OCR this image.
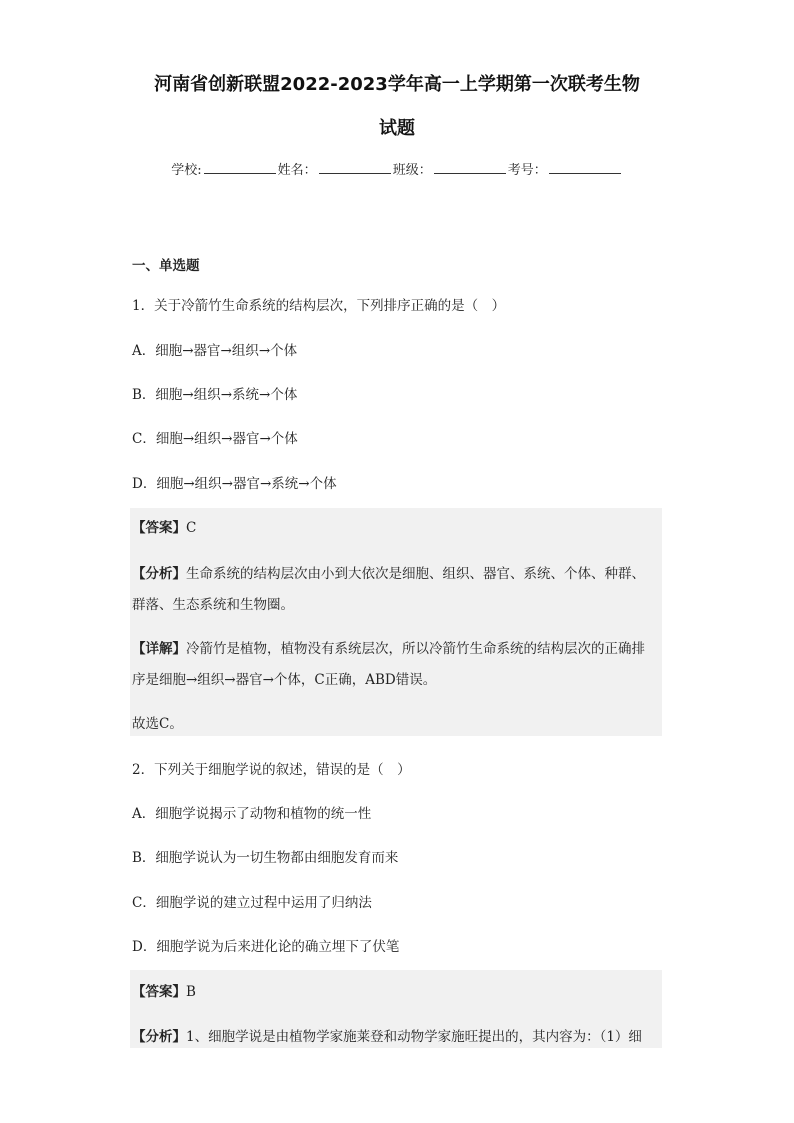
河南省创新联盟2022-2023学年高一上学期第一次联考生物
试题
学校:	姓名：	班级：	考号：
一、单选题
1．关于冷箭竹生命系统的结构层次，下列排序正确的是（　）
A．细胞→器官→组织→个体
B．细胞→组织→系统→个体
C．细胞→组织→器官→个体
D．细胞→组织→器官→系统→个体
【答案】C
【分析】生命系统的结构层次由小到大依次是细胞、组织、器官、系统、个体、种群、
群落、生态系统和生物圈。
【详解】冷箭竹是植物，植物没有系统层次，所以冷箭竹生命系统的结构层次的正确排
序是细胞→组织→器官→个体，C正确，ABD错误。
故选C。
2．下列关于细胞学说的叙述，错误的是（　）
A．细胞学说揭示了动物和植物的统一性
B．细胞学说认为一切生物都由细胞发育而来
C．细胞学说的建立过程中运用了归纳法
D．细胞学说为后来进化论的确立埋下了伏笔
【答案】B
【分析】1、细胞学说是由植物学家施莱登和动物学家施旺提出的，其内容为：（1）细
